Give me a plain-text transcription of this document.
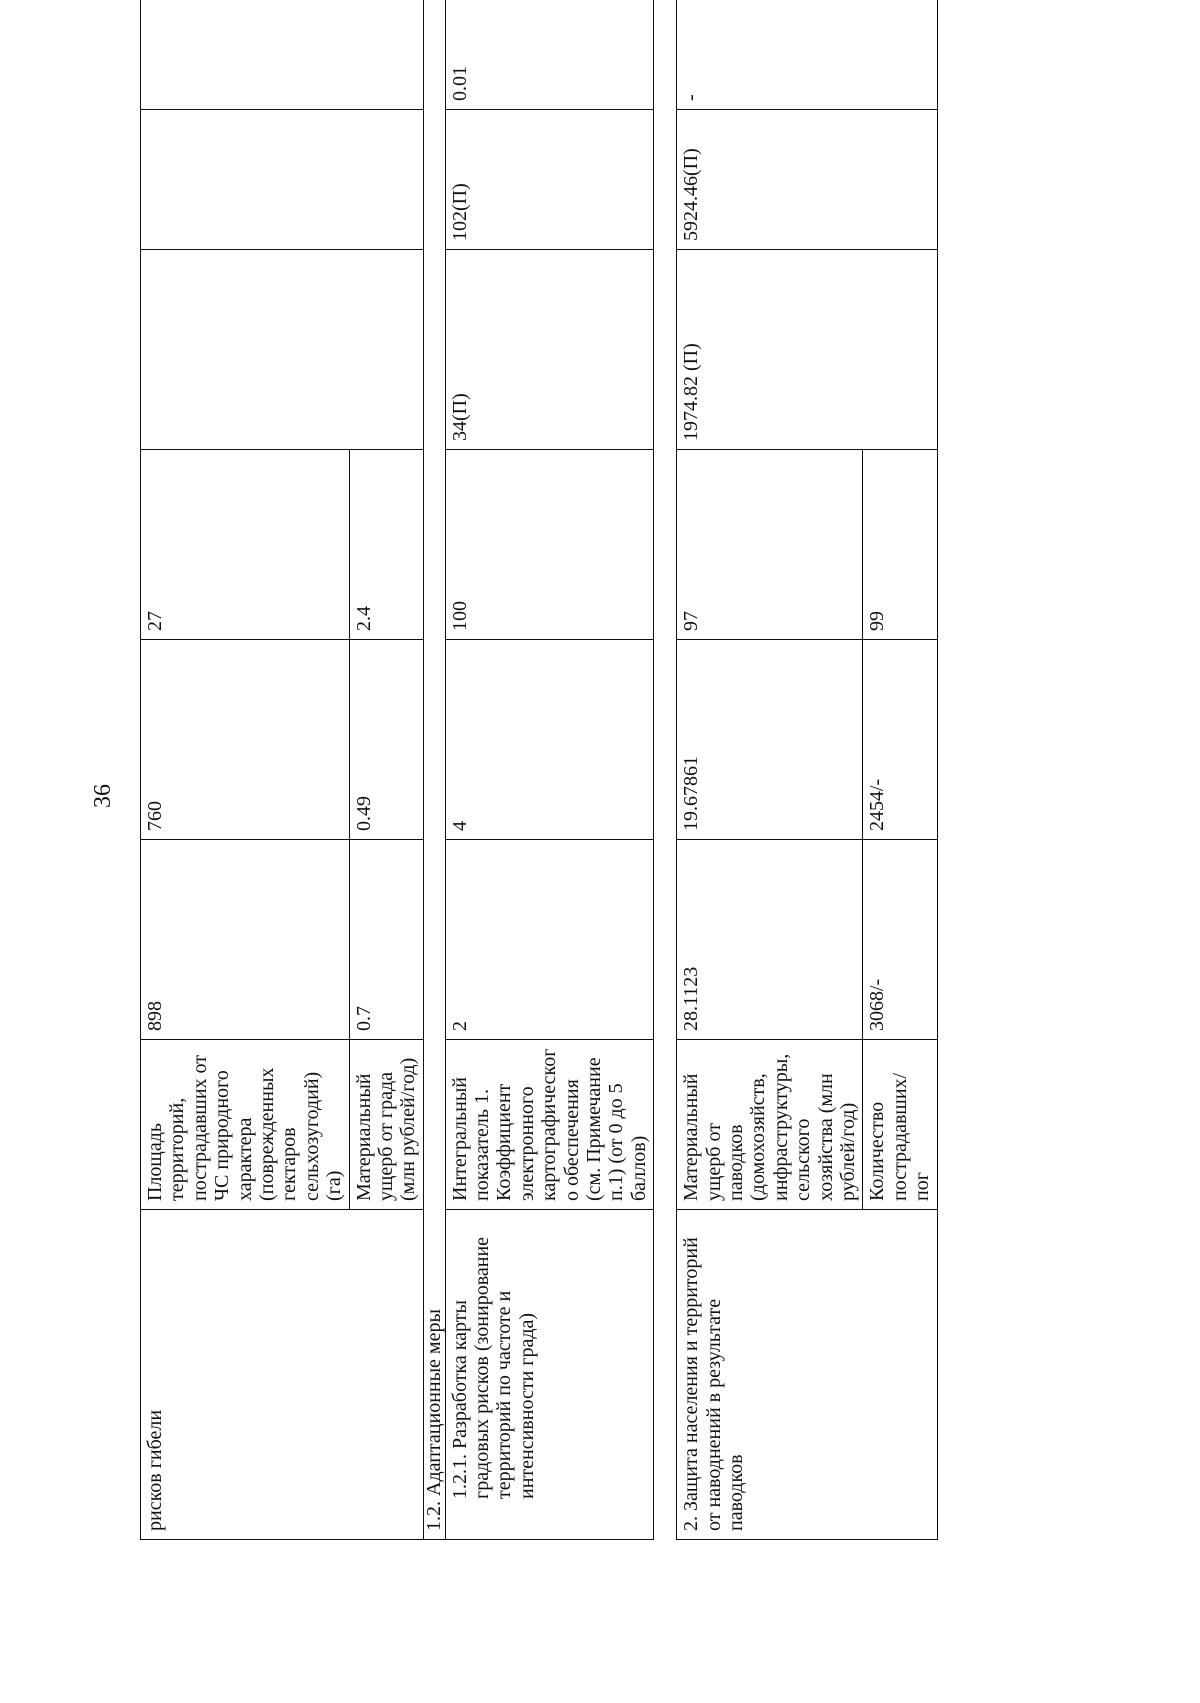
36
рисков гибели	Площадь территорий, пострадавших от ЧС природного характера (поврежденных гектаров сельхозугодий) (га)	898	760	27			
	Материальный ущерб от града (млн рублей/год)	0.7	0.49	2.4			
1.2. Адаптационные меры							
1.2.1. Разработка карты градовых рисков (зонирование территорий по частоте и интенсивности града)	Интегральный показатель 1. Коэффициент электронного картографическог о обеспечения (см. Примечание п.1) (от 0 до 5 баллов)	2	4	100	34(П)	102(П)	0.01
2. Защита населения и территорий от наводнений в результате паводков	Материальный ущерб от паводков (домохозяйств, инфраструктуры, сельского хозяйства (млн рублей/год)	28.1123	19.67861	97	1974.82 (П)	5924.46(П)	-
	Количество пострадавших/пог	3068/-	2454/-	99			
